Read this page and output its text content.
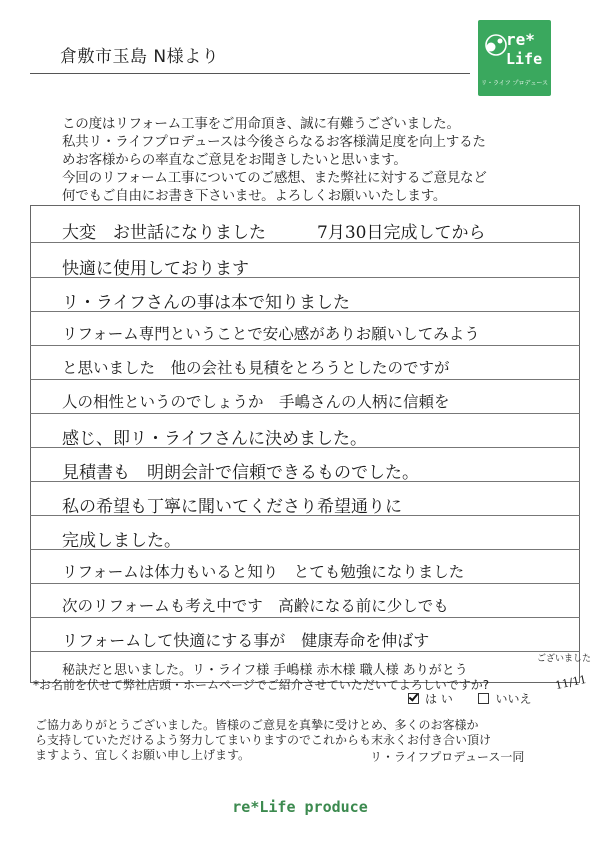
倉敷市玉島 N様より
re*
Life
リ・ライフ プロデュース

この度はリフォーム工事をご用命頂き、誠に有難うございました。

私共リ・ライフプロデュースは今後さらなるお客様満足度を向上するた

めお客様からの率直なご意見をお聞きしたいと思います。

今回のリフォーム工事についてのご感想、また弊社に対するご意見など

何でもご自由にお書き下さいませ。よろしくお願いいたします。

大変　お世話になりました　　　7月30日完成してから
快適に使用しております
リ・ライフさんの事は本で知りました
リフォーム専門ということで安心感がありお願いしてみよう
と思いました　他の会社も見積をとろうとしたのですが
人の相性というのでしょうか　手嶋さんの人柄に信頼を
感じ、即リ・ライフさんに決めました。
見積書も　明朗会計で信頼できるものでした。
私の希望も丁寧に聞いてくださり希望通りに
完成しました。
リフォームは体力もいると知り　とても勉強になりました
次のリフォームも考え中です　高齢になる前に少しでも
リフォームして快適にする事が　健康寿命を伸ばす
秘訣だと思いました。リ・ライフ様 手嶋様 赤木様 職人様 ありがとう
ございました
*お名前を伏せて弊社店頭・ホームページでご紹介させていただいてよろしいですか?
は い	いいえ
11/11

ご協力ありがとうございました。皆様のご意見を真摯に受けとめ、多くのお客様か

ら支持していただけるよう努力してまいりますのでこれからも末永くお付き合い頂け

ますよう、宜しくお願い申し上げます。	リ・ライフプロデュース一同
re*Life produce
